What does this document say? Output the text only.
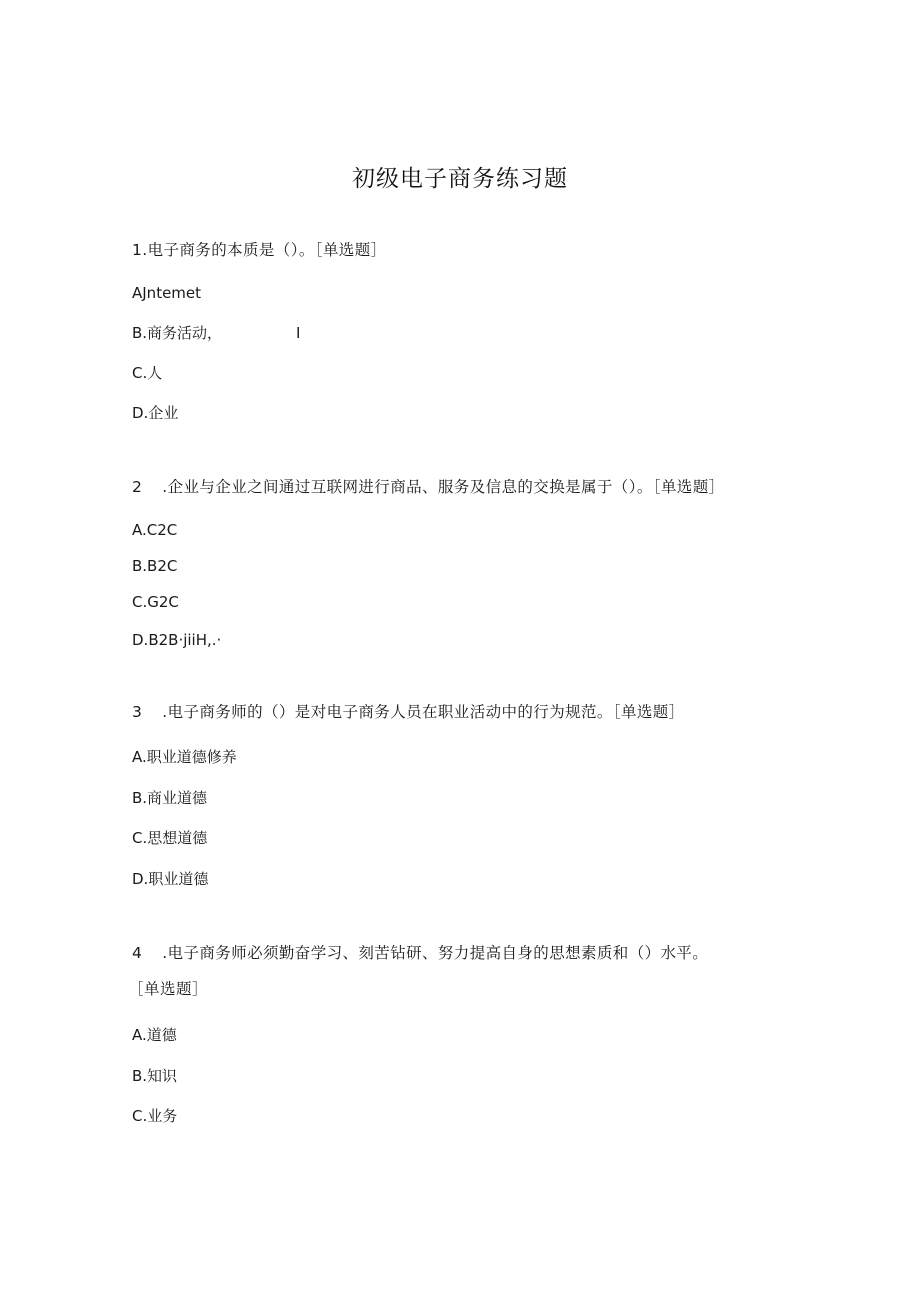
初级电子商务练习题
1.电子商务的本质是（）。［单选题］
AJntemet
B.商务活动，	I
C.人
D.企业
2 .企业与企业之间通过互联网进行商品、服务及信息的交换是属于（）。［单选题］
A.C2C
B.B2C
C.G2C
D.B2B·jiiH,.·
3 .电子商务师的（）是对电子商务人员在职业活动中的行为规范。［单选题］
A.职业道德修养
B.商业道德
C.思想道德
D.职业道德
4 .电子商务师必须勤奋学习、刻苦钻研、努力提高自身的思想素质和（）水平。
［单选题］
A.道德
B.知识
C.业务
